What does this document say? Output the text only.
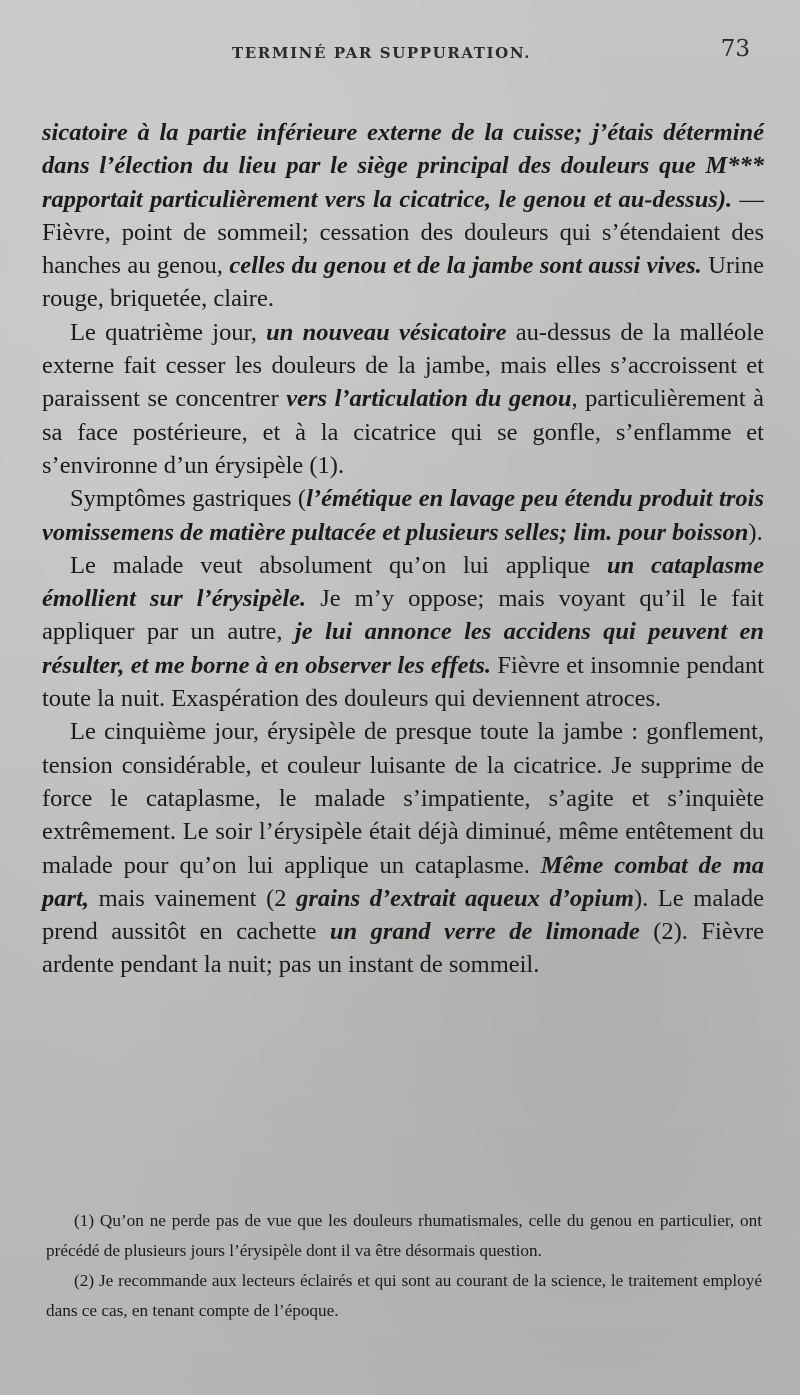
TERMINÉ PAR SUPPURATION.	73

sicatoire à la partie inférieure externe de la cuisse; j’étais déterminé dans l’élection du lieu par le siège principal des douleurs que M*** rapportait particulièrement vers la cicatrice, le genou et au-dessus). — Fièvre, point de sommeil; cessation des douleurs qui s’étendaient des hanches au genou, celles du genou et de la jambe sont aussi vives. Urine rouge, briquetée, claire.

Le quatrième jour, un nouveau vésicatoire au-dessus de la malléole externe fait cesser les douleurs de la jambe, mais elles s’accroissent et paraissent se concentrer vers l’articulation du genou, particulièrement à sa face postérieure, et à la cicatrice qui se gonfle, s’enflamme et s’environne d’un érysipèle (1).

Symptômes gastriques (l’émétique en lavage peu étendu produit trois vomissemens de matière pultacée et plusieurs selles; lim. pour boisson).

Le malade veut absolument qu’on lui applique un cataplasme émollient sur l’érysipèle. Je m’y oppose; mais voyant qu’il le fait appliquer par un autre, je lui annonce les accidens qui peuvent en résulter, et me borne à en observer les effets. Fièvre et insomnie pendant toute la nuit. Exaspération des douleurs qui deviennent atroces.

Le cinquième jour, érysipèle de presque toute la jambe : gonflement, tension considérable, et couleur luisante de la cicatrice. Je supprime de force le cataplasme, le malade s’impatiente, s’agite et s’inquiète extrêmement. Le soir l’érysipèle était déjà diminué, même entêtement du malade pour qu’on lui applique un cataplasme. Même combat de ma part, mais vainement (2 grains d’extrait aqueux d’opium). Le malade prend aussitôt en cachette un grand verre de limonade (2). Fièvre ardente pendant la nuit; pas un instant de sommeil.

(1) Qu’on ne perde pas de vue que les douleurs rhumatismales, celle du genou en particulier, ont précédé de plusieurs jours l’érysipèle dont il va être désormais question.

(2) Je recommande aux lecteurs éclairés et qui sont au courant de la science, le traitement employé dans ce cas, en tenant compte de l’époque.
